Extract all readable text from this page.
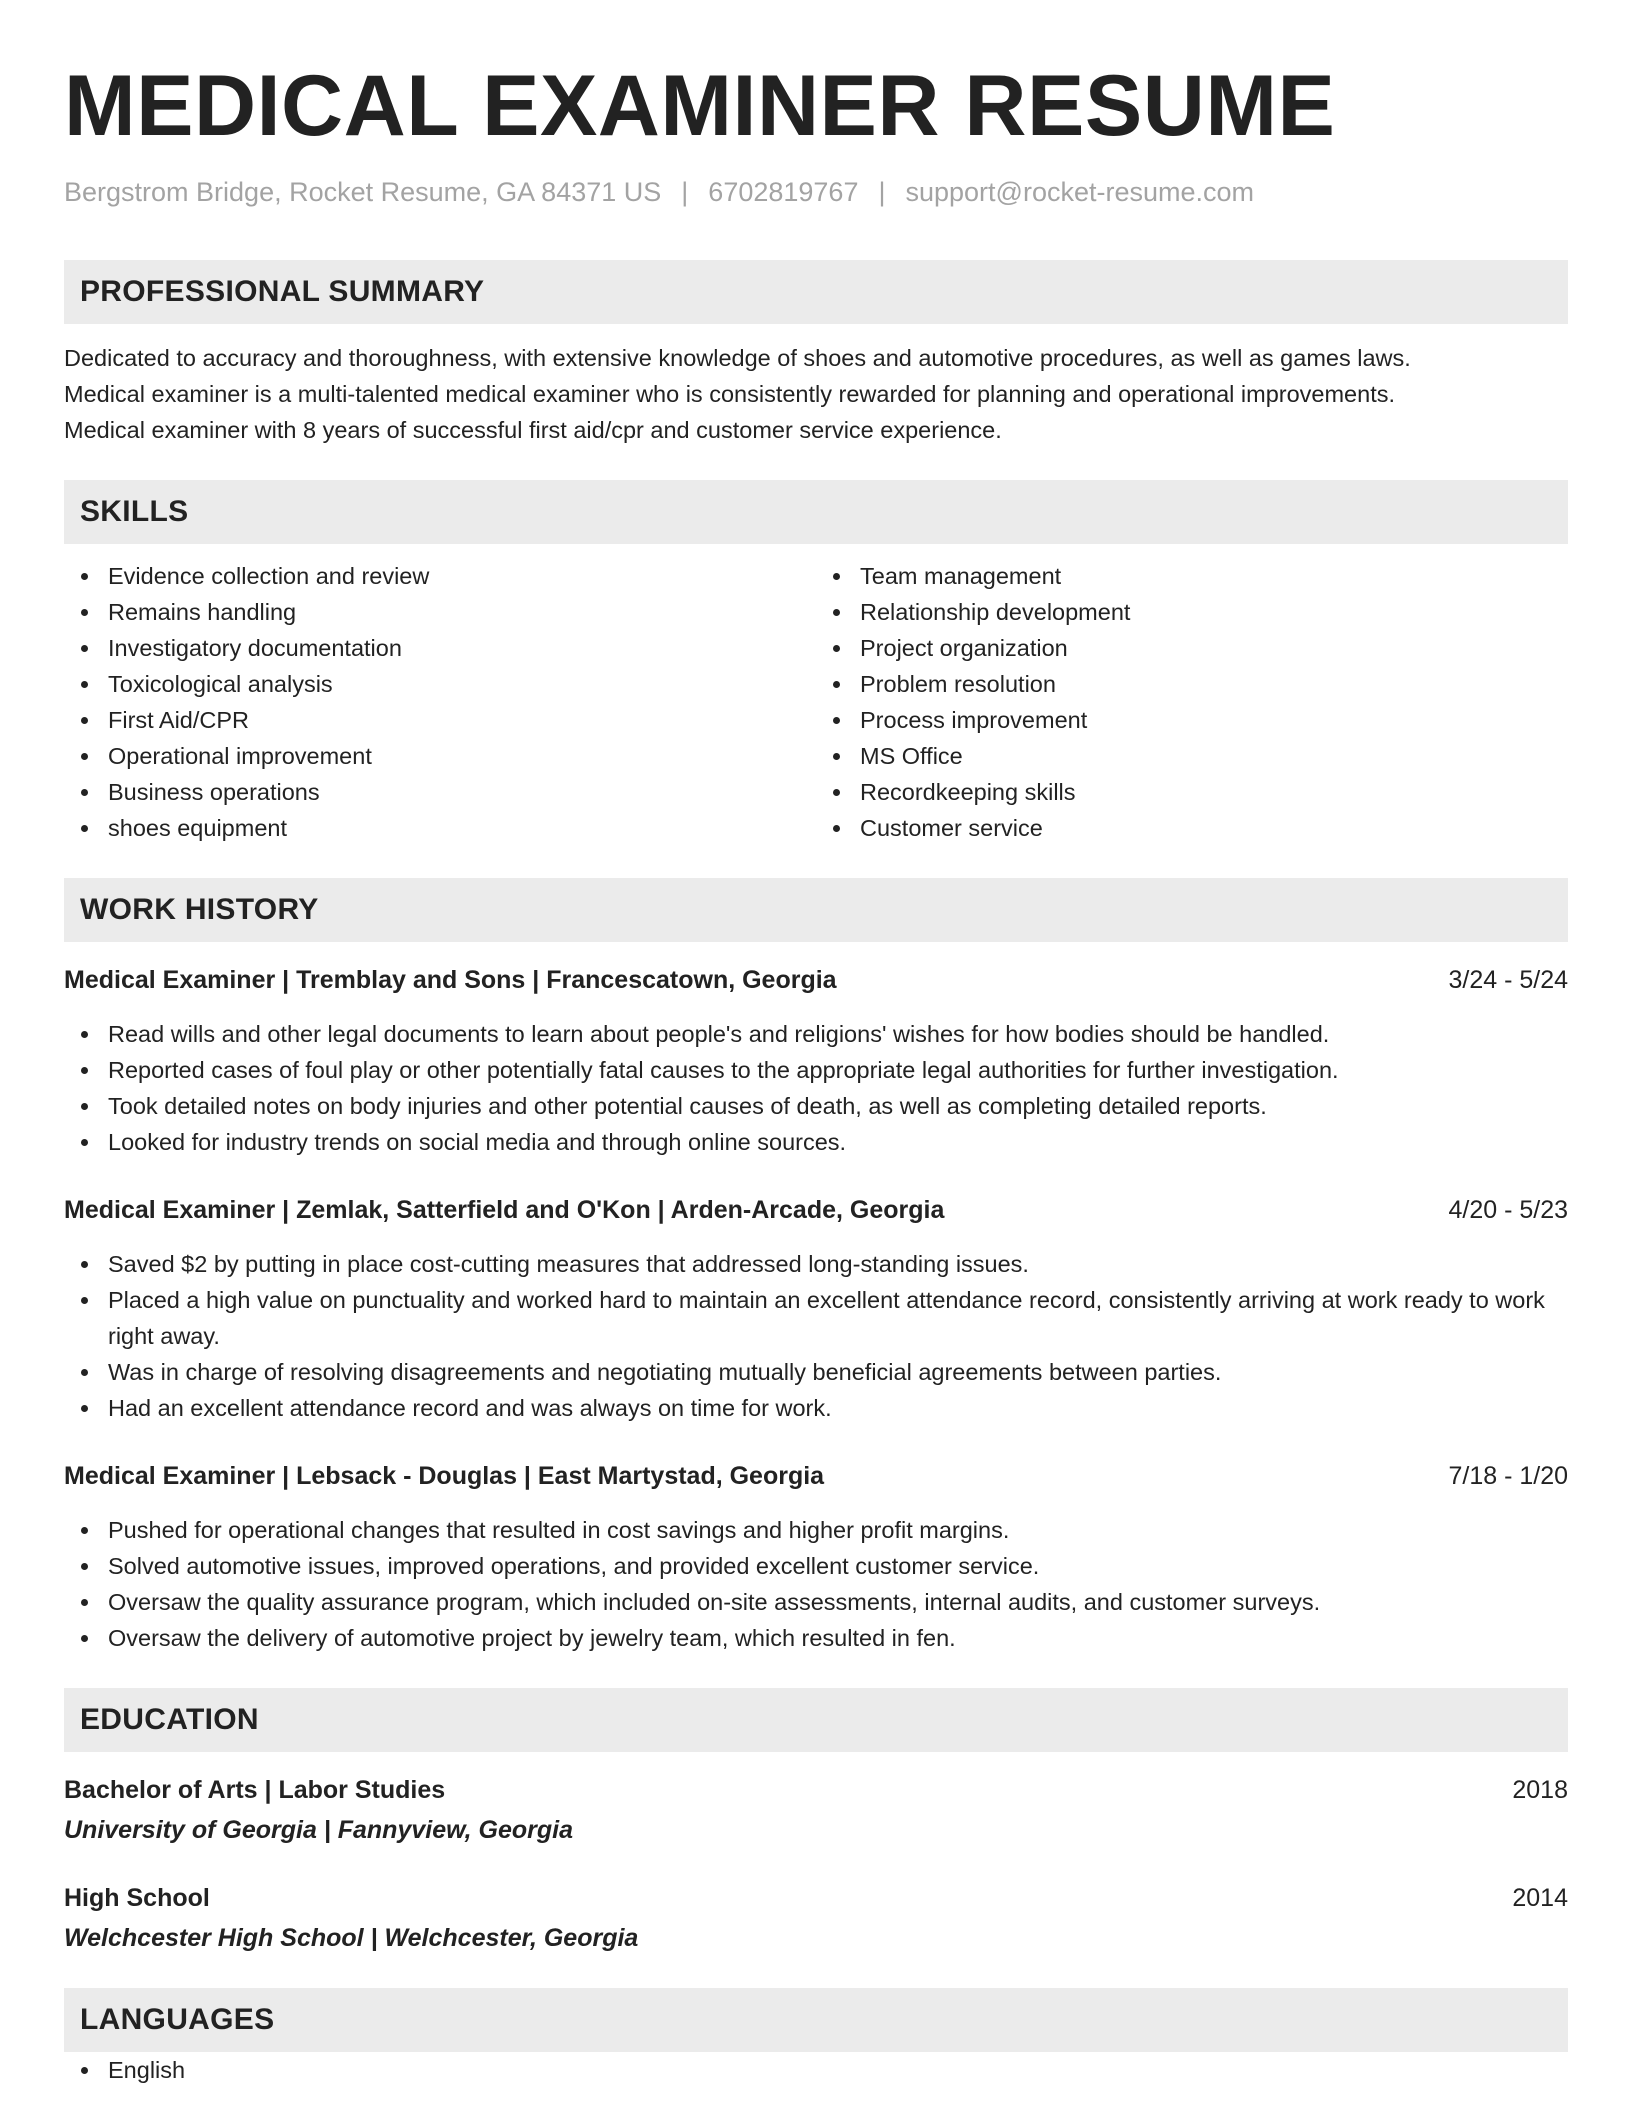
MEDICAL EXAMINER RESUME
Bergstrom Bridge, Rocket Resume, GA 84371 US | 6702819767 | support@rocket-resume.com
PROFESSIONAL SUMMARY
Dedicated to accuracy and thoroughness, with extensive knowledge of shoes and automotive procedures, as well as games laws.
Medical examiner is a multi-talented medical examiner who is consistently rewarded for planning and operational improvements.
Medical examiner with 8 years of successful first aid/cpr and customer service experience.
SKILLS
Evidence collection and review
Remains handling
Investigatory documentation
Toxicological analysis
First Aid/CPR
Operational improvement
Business operations
shoes equipment
Team management
Relationship development
Project organization
Problem resolution
Process improvement
MS Office
Recordkeeping skills
Customer service
WORK HISTORY
Medical Examiner | Tremblay and Sons | Francescatown, Georgia	3/24 - 5/24
Read wills and other legal documents to learn about people's and religions' wishes for how bodies should be handled.
Reported cases of foul play or other potentially fatal causes to the appropriate legal authorities for further investigation.
Took detailed notes on body injuries and other potential causes of death, as well as completing detailed reports.
Looked for industry trends on social media and through online sources.
Medical Examiner | Zemlak, Satterfield and O'Kon | Arden-Arcade, Georgia	4/20 - 5/23
Saved $2 by putting in place cost-cutting measures that addressed long-standing issues.
Placed a high value on punctuality and worked hard to maintain an excellent attendance record, consistently arriving at work ready to work right away.
Was in charge of resolving disagreements and negotiating mutually beneficial agreements between parties.
Had an excellent attendance record and was always on time for work.
Medical Examiner | Lebsack - Douglas | East Martystad, Georgia	7/18 - 1/20
Pushed for operational changes that resulted in cost savings and higher profit margins.
Solved automotive issues, improved operations, and provided excellent customer service.
Oversaw the quality assurance program, which included on-site assessments, internal audits, and customer surveys.
Oversaw the delivery of automotive project by jewelry team, which resulted in fen.
EDUCATION
Bachelor of Arts | Labor Studies	2018
University of Georgia | Fannyview, Georgia
High School	2014
Welchcester High School | Welchcester, Georgia
LANGUAGES
English
